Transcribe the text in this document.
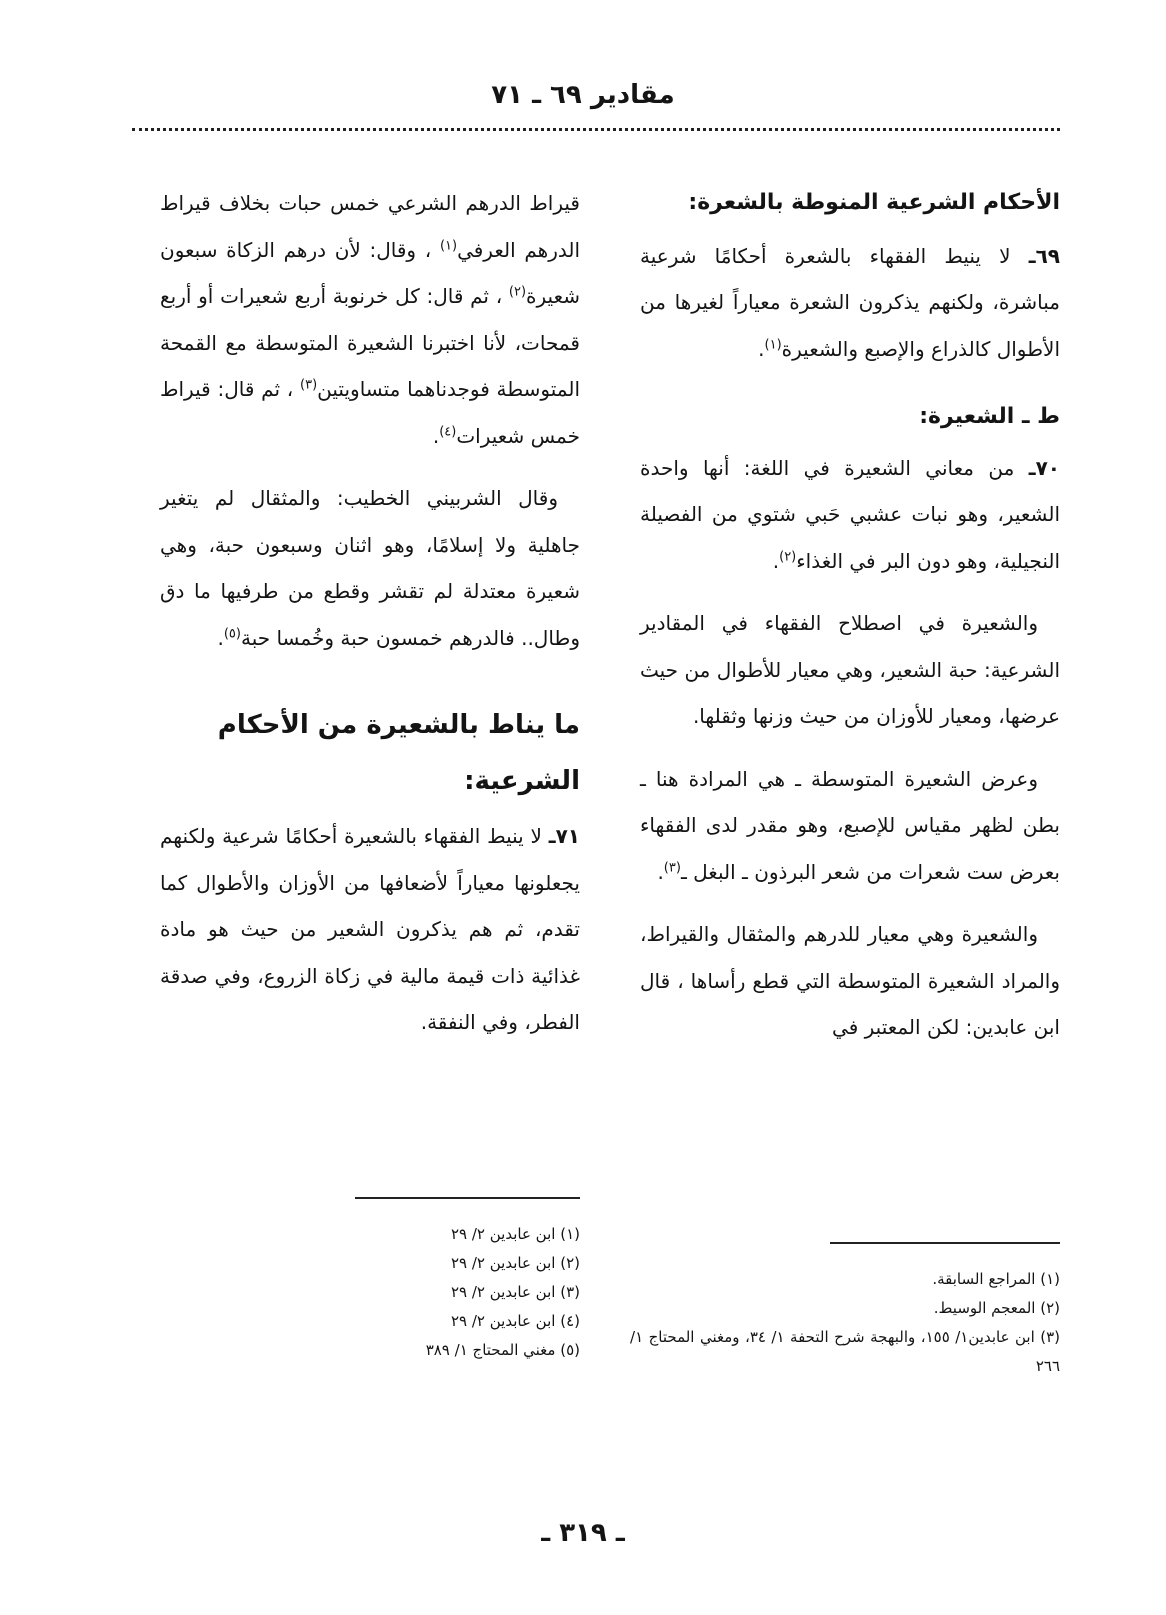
مقادير ٦٩ ـ ٧١
الأحكام الشرعية المنوطة بالشعرة:

٦٩ـ لا ينيط الفقهاء بالشعرة أحكامًا شرعية مباشرة، ولكنهم يذكرون الشعرة معياراً لغيرها من الأطوال كالذراع والإصبع والشعيرة$^{(١)}$.

ط ـ الشعيرة:

٧٠ـ من معاني الشعيرة في اللغة: أنها واحدة الشعير، وهو نبات عشبي حَبي شتوي من الفصيلة النجيلية، وهو دون البر في الغذاء$^{(٢)}$.

والشعيرة في اصطلاح الفقهاء في المقادير الشرعية: حبة الشعير، وهي معيار للأطوال من حيث عرضها، ومعيار للأوزان من حيث وزنها وثقلها.

وعرض الشعيرة المتوسطة ـ هي المرادة هنا ـ بطن لظهر مقياس للإصبع، وهو مقدر لدى الفقهاء بعرض ست شعرات من شعر البرذون ـ البغل ـ$^{(٣)}$.

والشعيرة وهي معيار للدرهم والمثقال والقيراط، والمراد الشعيرة المتوسطة التي قطع رأساها ، قال ابن عابدين: لكن المعتبر في

قيراط الدرهم الشرعي خمس حبات بخلاف قيراط الدرهم العرفي$^{(١)}$ ، وقال: لأن درهم الزكاة سبعون شعيرة$^{(٢)}$ ، ثم قال: كل خرنوبة أربع شعيرات أو أربع قمحات، لأنا اختبرنا الشعيرة المتوسطة مع القمحة المتوسطة فوجدناهما متساويتين$^{(٣)}$ ، ثم قال: قيراط خمس شعيرات$^{(٤)}$.

وقال الشربيني الخطيب: والمثقال لم يتغير جاهلية ولا إسلامًا، وهو اثنان وسبعون حبة، وهي شعيرة معتدلة لم تقشر وقطع من طرفيها ما دق وطال.. فالدرهم خمسون حبة وخُمسا حبة$^{(٥)}$.

ما يناط بالشعيرة من الأحكام الشرعية:

٧١ـ لا ينيط الفقهاء بالشعيرة أحكامًا شرعية ولكنهم يجعلونها معياراً لأضعافها من الأوزان والأطوال كما تقدم، ثم هم يذكرون الشعير من حيث هو مادة غذائية ذات قيمة مالية في زكاة الزروع، وفي صدقة الفطر، وفي النفقة.

(١) المراجع السابقة.

(٢) المعجم الوسيط.

(٣) ابن عابدين١/ ١٥٥، والبهجة شرح التحفة ١/ ٣٤، ومغني المحتاج ١/ ٢٦٦

(١) ابن عابدين ٢/ ٢٩

(٢) ابن عابدين ٢/ ٢٩

(٣) ابن عابدين ٢/ ٢٩

(٤) ابن عابدين ٢/ ٢٩

(٥) مغني المحتاج ١/ ٣٨٩

ـ ٣١٩ ـ
